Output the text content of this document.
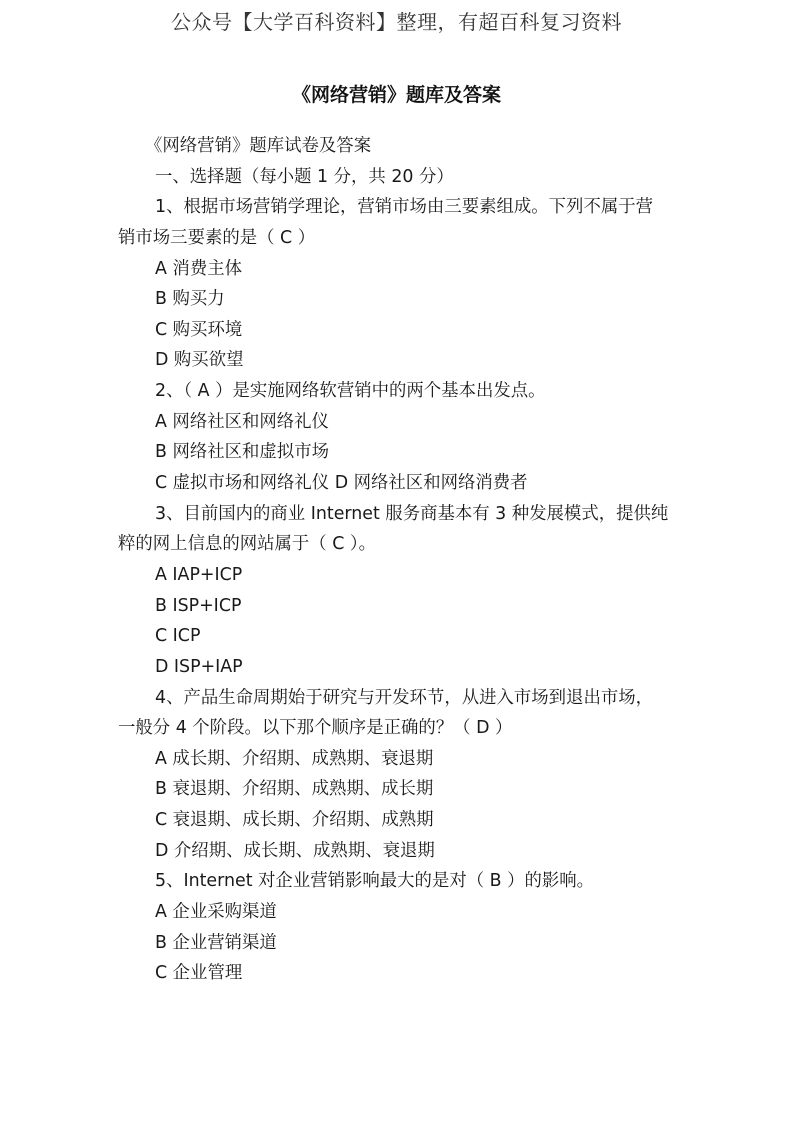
公众号【大学百科资料】整理，有超百科复习资料
《网络营销》题库及答案
《网络营销》题库试卷及答案
一、选择题（每小题 1 分，共 20 分）
1、根据市场营销学理论，营销市场由三要素组成。下列不属于营
销市场三要素的是（ C ）
A 消费主体
B 购买力
C 购买环境
D 购买欲望
2、（ A ）是实施网络软营销中的两个基本出发点。
A 网络社区和网络礼仪
B 网络社区和虚拟市场
C 虚拟市场和网络礼仪 D 网络社区和网络消费者
3、目前国内的商业 Internet 服务商基本有 3 种发展模式，提供纯
粹的网上信息的网站属于（ C ）。
A IAP+ICP
B ISP+ICP
C ICP
D ISP+IAP
4、产品生命周期始于研究与开发环节，从进入市场到退出市场，
一般分 4 个阶段。以下那个顺序是正确的？（ D ）
A 成长期、介绍期、成熟期、衰退期
B 衰退期、介绍期、成熟期、成长期
C 衰退期、成长期、介绍期、成熟期
D 介绍期、成长期、成熟期、衰退期
5、Internet 对企业营销影响最大的是对（ B ）的影响。
A 企业采购渠道
B 企业营销渠道
C 企业管理
